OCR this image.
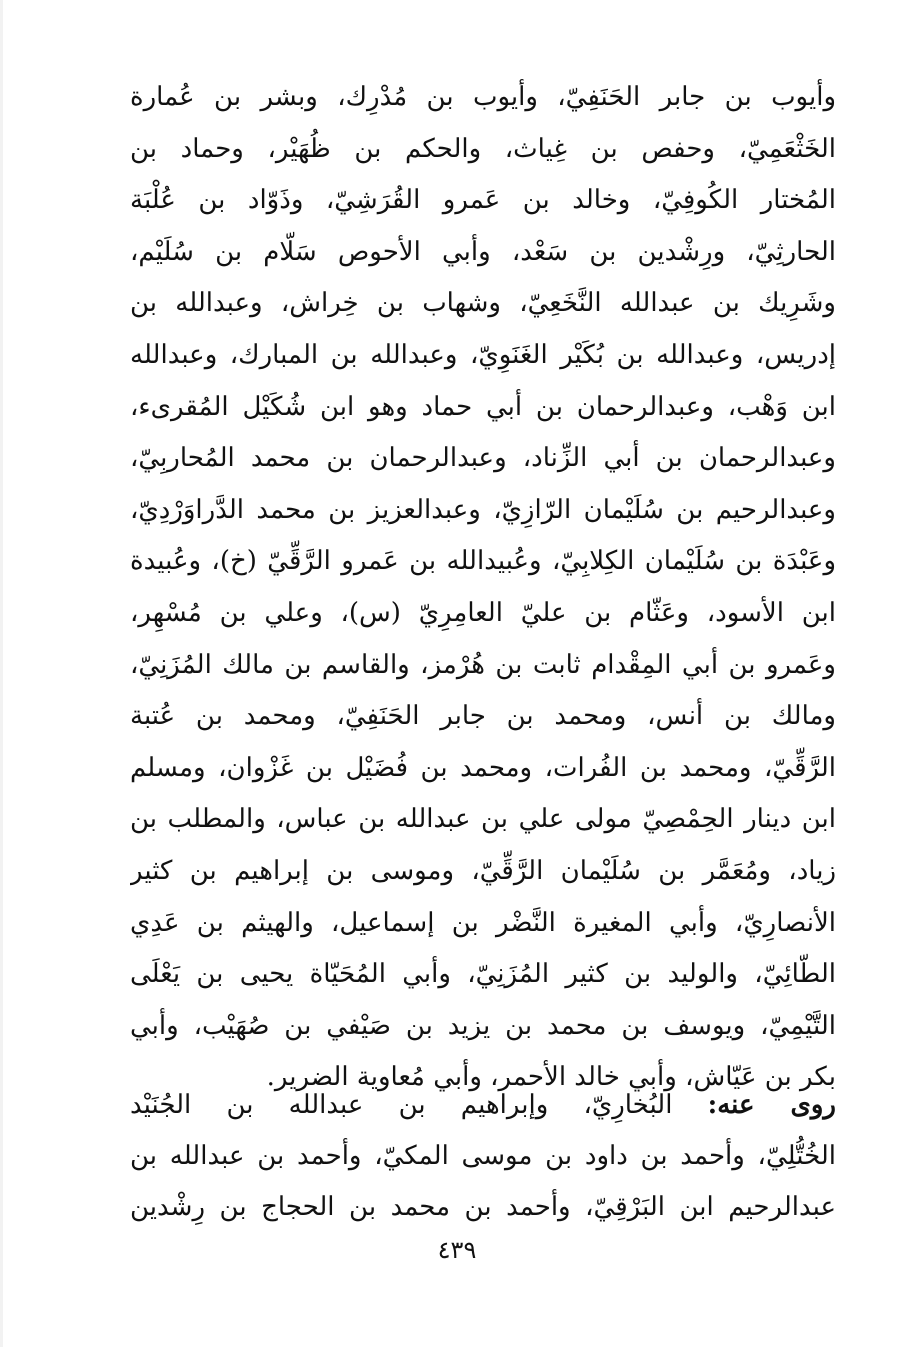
وأيوب بن جابر الحَنَفِيّ، وأيوب بن مُدْرِك، وبشر بن عُمارة
الخَثْعَمِيّ، وحفص بن غِياث، والحكم بن ظُهَيْر، وحماد بن
المُختار الكُوفِيّ، وخالد بن عَمرو القُرَشِيّ، وذَوّاد بن عُلْبَة
الحارثِيّ، ورِشْدين بن سَعْد، وأبي الأحوص سَلّام بن سُلَيْم،
وشَرِيك بن عبدالله النَّخَعِيّ، وشهاب بن خِراش، وعبدالله بن
إدريس، وعبدالله بن بُكَيْر الغَنَوِيّ، وعبدالله بن المبارك، وعبدالله
ابن وَهْب، وعبدالرحمان بن أبي حماد وهو ابن شُكَيْل المُقرىء،
وعبدالرحمان بن أبي الزِّناد، وعبدالرحمان بن محمد المُحاربِيّ،
وعبدالرحيم بن سُلَيْمان الرّازِيّ، وعبدالعزيز بن محمد الدَّراوَرْدِيّ،
وعَبْدَة بن سُلَيْمان الكِلابِيّ، وعُبيدالله بن عَمرو الرَّقِّيّ (خ)، وعُبيدة
ابن الأسود، وعَثّام بن عليّ العامِرِيّ (س)، وعلي بن مُسْهِر،
وعَمرو بن أبي المِقْدام ثابت بن هُرْمز، والقاسم بن مالك المُزَنِيّ،
ومالك بن أنس، ومحمد بن جابر الحَنَفِيّ، ومحمد بن عُتبة
الرَّقِّيّ، ومحمد بن الفُرات، ومحمد بن فُضَيْل بن غَزْوان، ومسلم
ابن دينار الحِمْصِيّ مولى علي بن عبدالله بن عباس، والمطلب بن
زياد، ومُعَمَّر بن سُلَيْمان الرَّقِّيّ، وموسى بن إبراهيم بن كثير
الأنصارِيّ، وأبي المغيرة النَّضْر بن إسماعيل، والهيثم بن عَدِي
الطّائِيّ، والوليد بن كثير المُزَنِيّ، وأبي المُحَيّاة يحيى بن يَعْلَى
التَّيْمِيّ، ويوسف بن محمد بن يزيد بن صَيْفي بن صُهَيْب، وأبي
بكر بن عَيّاش، وأبي خالد الأحمر، وأبي مُعاوية الضرير.
روى عنه: البُخارِيّ، وإبراهيم بن عبدالله بن الجُنَيْد
الخُتُّلِيّ، وأحمد بن داود بن موسى المكيّ، وأحمد بن عبدالله بن
عبدالرحيم ابن البَرْقِيّ، وأحمد بن محمد بن الحجاج بن رِشْدين
٤٣٩
